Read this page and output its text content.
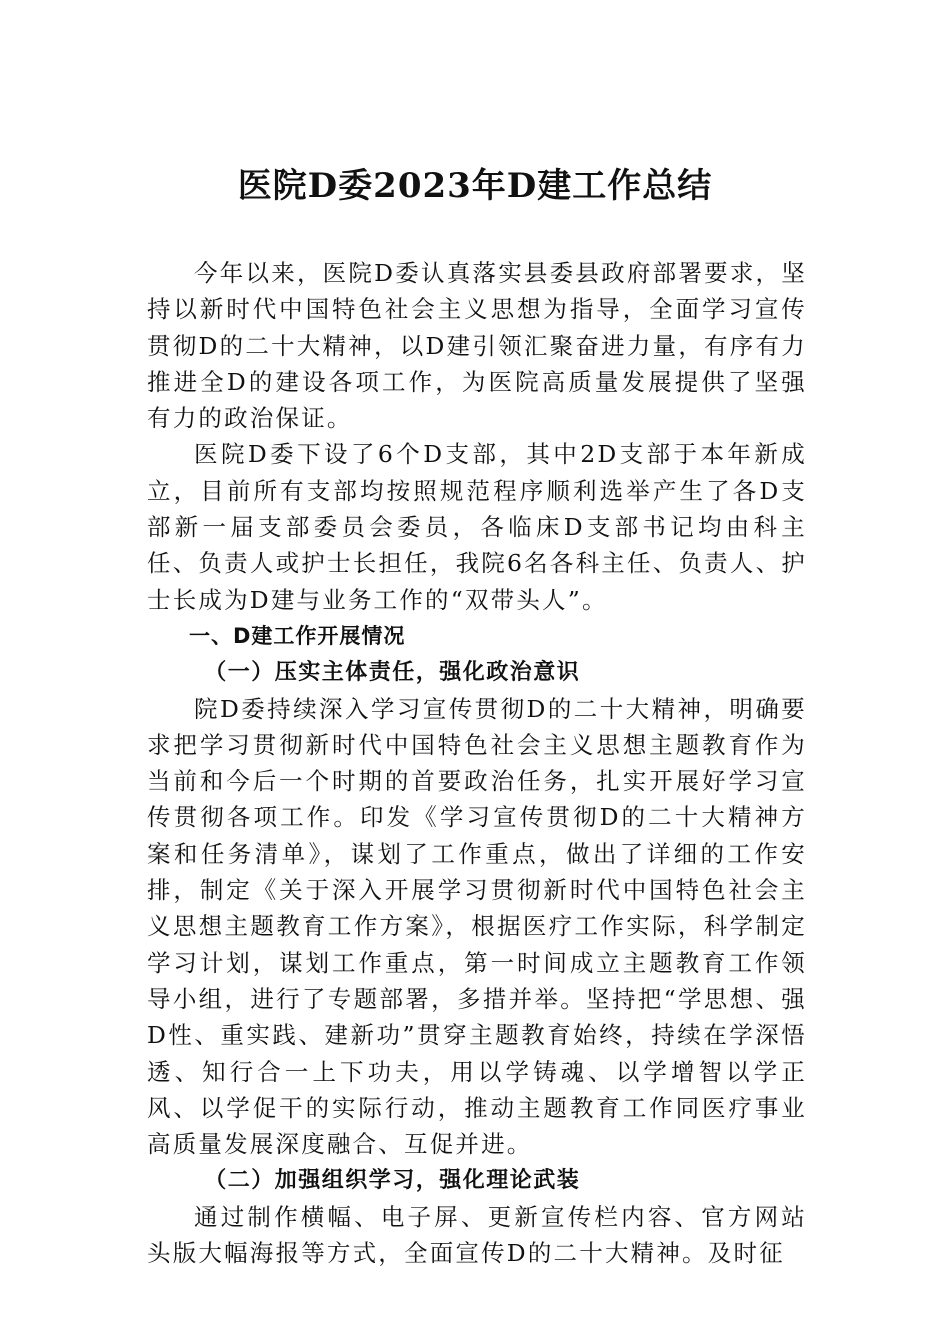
医院D委2023年D建工作总结

今年以来，医院D委认真落实县委县政府部署要求，坚持以新时代中国特色社会主义思想为指导，全面学习宣传贯彻D的二十大精神，以D建引领汇聚奋进力量，有序有力推进全D的建设各项工作，为医院高质量发展提供了坚强有力的政治保证。

医院D委下设了6个D支部，其中2D支部于本年新成立，目前所有支部均按照规范程序顺利选举产生了各D支部新一届支部委员会委员，各临床D支部书记均由科主任、负责人或护士长担任，我院6名各科主任、负责人、护士长成为D建与业务工作的“双带头人”。

一、D建工作开展情况

（一）压实主体责任，强化政治意识

院D委持续深入学习宣传贯彻D的二十大精神，明确要求把学习贯彻新时代中国特色社会主义思想主题教育作为当前和今后一个时期的首要政治任务，扎实开展好学习宣传贯彻各项工作。印发《学习宣传贯彻D的二十大精神方案和任务清单》，谋划了工作重点，做出了详细的工作安排，制定《关于深入开展学习贯彻新时代中国特色社会主义思想主题教育工作方案》，根据医疗工作实际，科学制定学习计划，谋划工作重点，第一时间成立主题教育工作领导小组，进行了专题部署，多措并举。坚持把“学思想、强D性、重实践、建新功”贯穿主题教育始终，持续在学深悟透、知行合一上下功夫，用以学铸魂、以学增智以学正风、以学促干的实际行动，推动主题教育工作同医疗事业高质量发展深度融合、互促并进。

（二）加强组织学习，强化理论武装

通过制作横幅、电子屏、更新宣传栏内容、官方网站头版大幅海报等方式，全面宣传D的二十大精神。及时征
